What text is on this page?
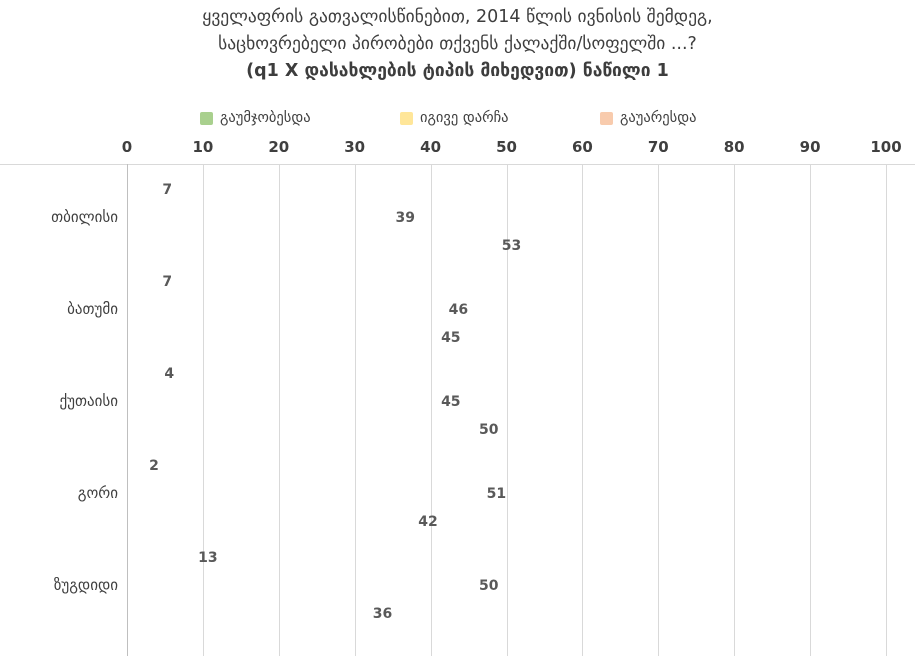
ყველაფრის გათვალისწინებით, 2014 წლის ივნისის შემდეგ,
საცხოვრებელი პირობები თქვენს ქალაქში/სოფელში ...?
(q1 X დასახლების ტიპის მიხედვით) ნაწილი 1
გაუმჯობესდა	იგივე დარჩა	გაუარესდა
0	10	20	30	40	50	60	70	80	90	100
თბილისი
7
39
53
ბათუმი
7
46
45
ქუთაისი
4
45
50
გორი
2
51
42
ზუგდიდი
13
50
36
